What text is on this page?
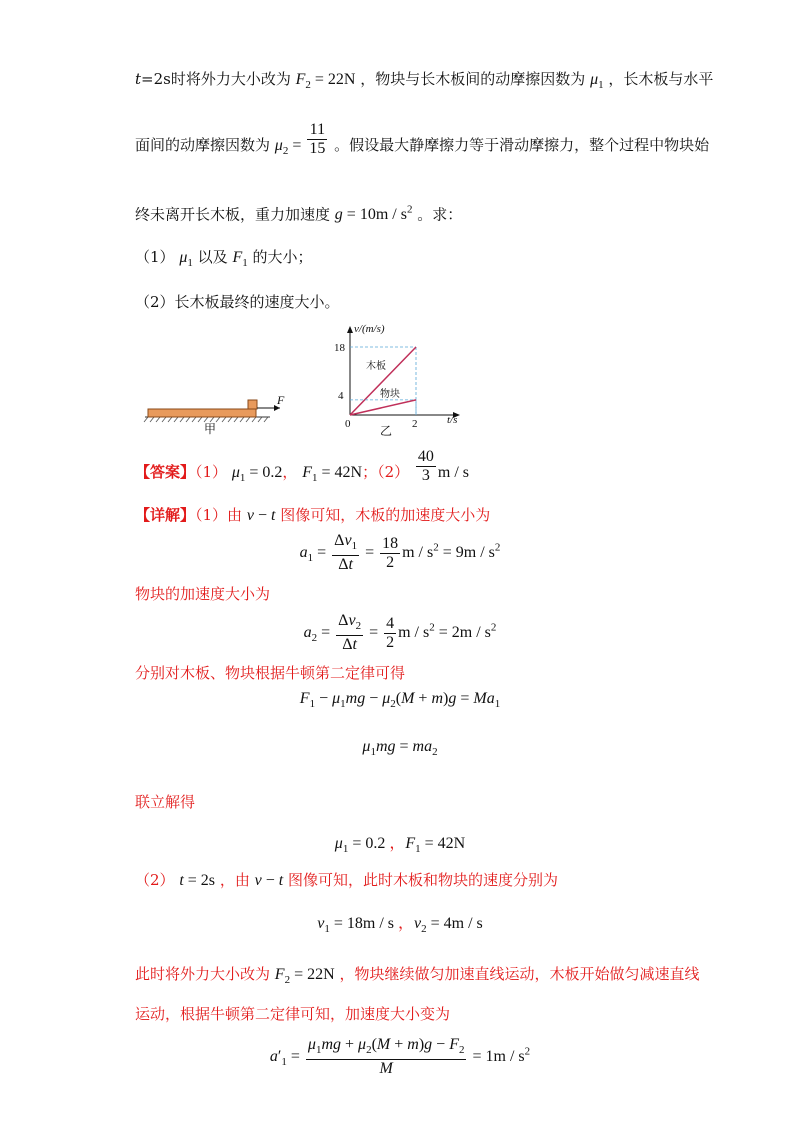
t=2s时将外力大小改为 $F_2 = 22N$ ，物块与长木板间的动摩擦因数为 $\mu_1$ ，长木板与水平
面间的动摩擦因数为 $\mu_2 = \frac{11}{15}$ 。假设最大静摩擦力等于滑动摩擦力，整个过程中物块始
终未离开长木板，重力加速度 $g = 10m / s^2$ 。求：
（1） $\mu_1$ 以及 $F_1$ 的大小；
（2）长木板最终的速度大小。
F
甲
v/(m/s)
t/s
18
4
0	2
木板
物块
乙
【答案】（1） $\mu_1 = 0.2$， $F_1 = 42N$；$(2) \frac{40}{3}$ m / s
【详解】（1）由 v − t 图像可知，木板的加速度大小为
$a_1 = \frac{\Delta v_1}{\Delta t} = \frac{18}{2}$ $m / s^2 = 9m / s^2$
物块的加速度大小为
$a_2 = \frac{\Delta v_2}{\Delta t} = \frac{4}{2}$ $m / s^2 = 2m / s^2$
分别对木板、物块根据牛顿第二定律可得
$F_1 - \mu_1mg - \mu_2(M + m)g = Ma_1$
$\mu_1mg = ma_2$
联立解得
$\mu_1 = 0.2$ ，$F_1 = 42N$
（2） t = 2s ，由 v − t 图像可知，此时木板和物块的速度分别为
$v_1 = 18m / s$ ，$v_2 = 4m / s$
此时将外力大小改为 $F_2 = 22N$ ，物块继续做匀加速直线运动，木板开始做匀减速直线
运动，根据牛顿第二定律可知，加速度大小变为
$a'_1 = \frac{\mu_1mg + \mu_2(M + m)g - F_2}{M} = 1m / s^2$
